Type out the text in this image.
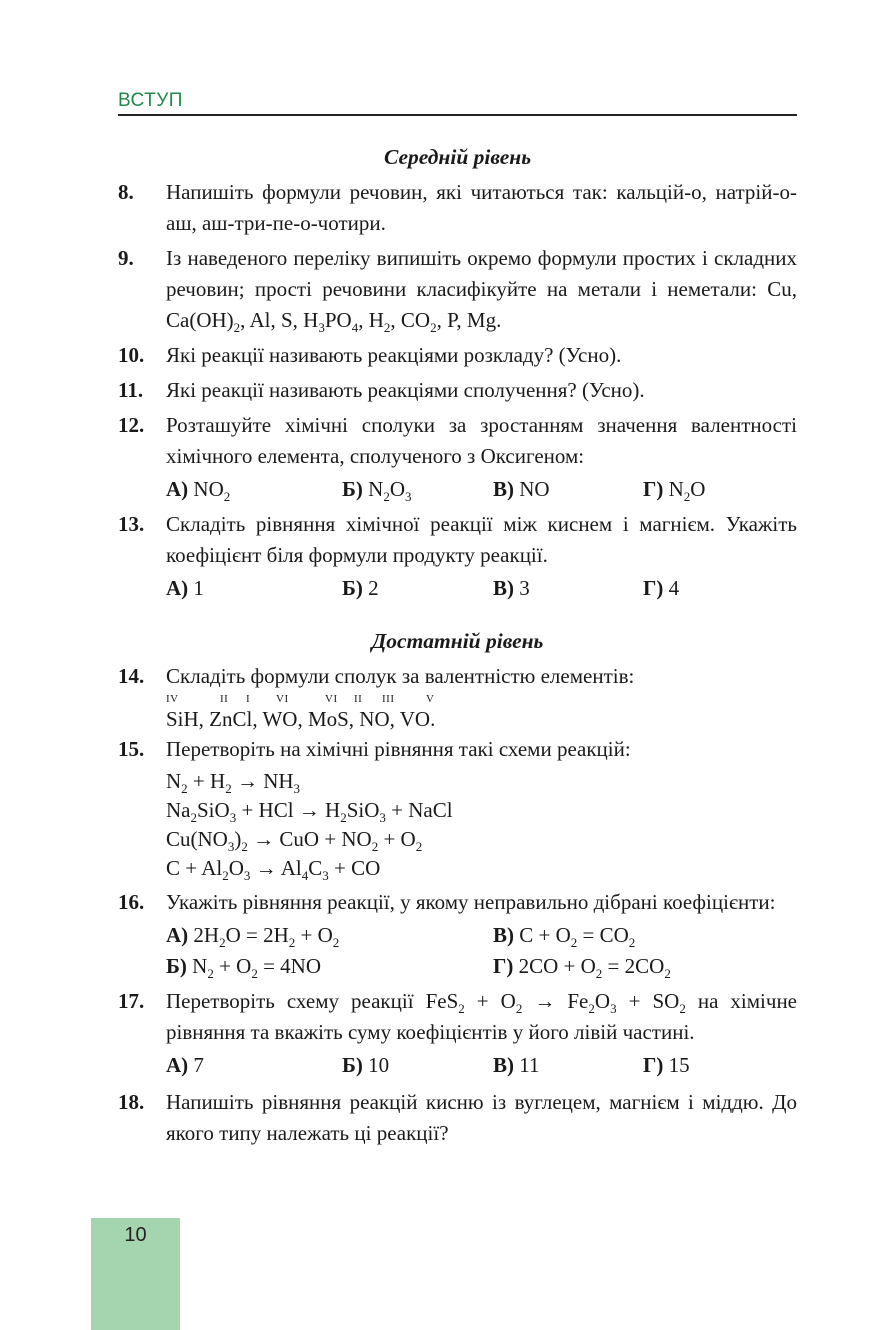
ВСТУП
Середній рівень
8. Напишіть формули речовин, які читаються так: кальцій-о, натрій-о-аш, аш-три-пе-о-чотири.
9. Із наведеного переліку випишіть окремо формули простих і складних речовин; прості речовини класифікуйте на метали і неметали: Cu, $Ca(OH)_2$, Al, S, $H_3PO_4$, $H_2$, $CO_2$, P, Mg.
10. Які реакції називають реакціями розкладу? (Усно).
11. Які реакції називають реакціями сполучення? (Усно).
12. Розташуйте хімічні сполуки за зростанням значення валентності хімічного елемента, сполученого з Оксигеном:
А) $NO_2$	Б) $N_2O_3$	В) NO	Г) $N_2O$
13. Складіть рівняння хімічної реакції між киснем і магнієм. Укажіть коефіцієнт біля формули продукту реакції.
А) 1	Б) 2	В) 3	Г) 4
Достатній рівень
14. Складіть формули сполук за валентністю елементів:
IV	II I VI	VI II III	V
SiH, ZnCl, WO, MoS, NO, VO.
15. Перетворіть на хімічні рівняння такі схеми реакцій:
$N_2 + H_2 \to NH_3$
$Na_2SiO_3$ + HCl → $H_2SiO_3$ + NaCl
$Cu(NO_3)_2$ → CuO + $NO_2 + O_2$
$C + Al_2O_3 \to Al_4C_3$ + CO
16. Укажіть рівняння реакції, у якому неправильно дібрані коефіцієнти:
А) $2H_2O = 2H_2 + O_2$	В) $C + O_2 = CO_2$
Б) $N_2 + O_2 = 4NO$	Г) $2CO + O_2 = 2CO_2$
17. Перетворіть схему реакції $FeS_2 + O_2 \to Fe_2O_3 + SO_2$ на хімічне рівняння та вкажіть суму коефіцієнтів у його лівій частині.
А) 7	Б) 10	В) 11	Г) 15
18. Напишіть рівняння реакцій кисню із вуглецем, магнієм і міддю. До якого типу належать ці реакції?
10
